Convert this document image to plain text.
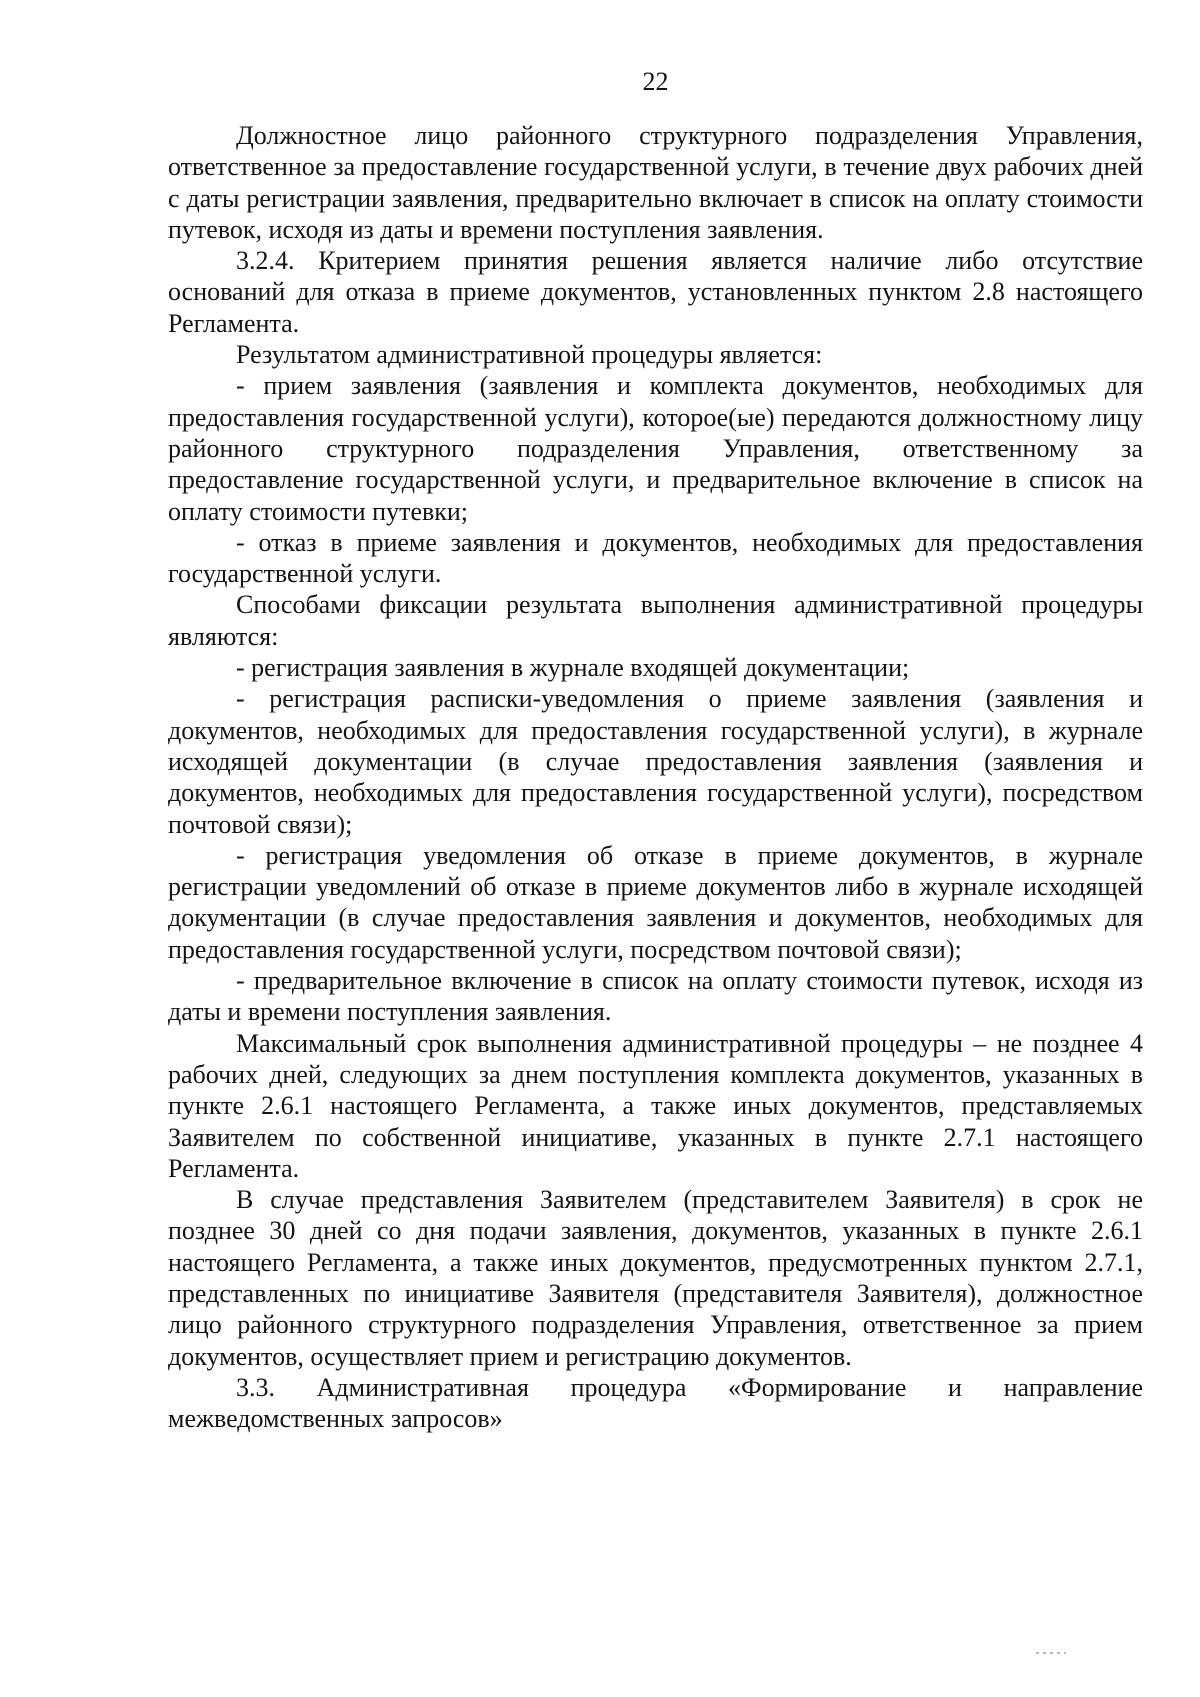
22

Должностное лицо районного структурного подразделения Управления, ответственное за предоставление государственной услуги, в течение двух рабочих дней с даты регистрации заявления, предварительно включает в список на оплату стоимости путевок, исходя из даты и времени поступления заявления.

3.2.4. Критерием принятия решения является наличие либо отсутствие оснований для отказа в приеме документов, установленных пунктом 2.8 настоящего Регламента.

Результатом административной процедуры является:

- прием заявления (заявления и комплекта документов, необходимых для предоставления государственной услуги), которое(ые) передаются должностному лицу районного структурного подразделения Управления, ответственному за предоставление государственной услуги, и предварительное включение в список на оплату стоимости путевки;

- отказ в приеме заявления и документов, необходимых для предоставления государственной услуги.

Способами фиксации результата выполнения административной процедуры являются:

- регистрация заявления в журнале входящей документации;

- регистрация расписки-уведомления о приеме заявления (заявления и документов, необходимых для предоставления государственной услуги), в журнале исходящей документации (в случае предоставления заявления (заявления и документов, необходимых для предоставления государственной услуги), посредством почтовой связи);

- регистрация уведомления об отказе в приеме документов, в журнале регистрации уведомлений об отказе в приеме документов либо в журнале исходящей документации (в случае предоставления заявления и документов, необходимых для предоставления государственной услуги, посредством почтовой связи);

- предварительное включение в список на оплату стоимости путевок, исходя из даты и времени поступления заявления.

Максимальный срок выполнения административной процедуры – не позднее 4 рабочих дней, следующих за днем поступления комплекта документов, указанных в пункте 2.6.1 настоящего Регламента, а также иных документов, представляемых Заявителем по собственной инициативе, указанных в пункте 2.7.1 настоящего Регламента.

В случае представления Заявителем (представителем Заявителя) в срок не позднее 30 дней со дня подачи заявления, документов, указанных в пункте 2.6.1 настоящего Регламента, а также иных документов, предусмотренных пунктом 2.7.1, представленных по инициативе Заявителя (представителя Заявителя), должностное лицо районного структурного подразделения Управления, ответственное за прием документов, осуществляет прием и регистрацию документов.

3.3. Административная процедура «Формирование и направление межведомственных запросов»
